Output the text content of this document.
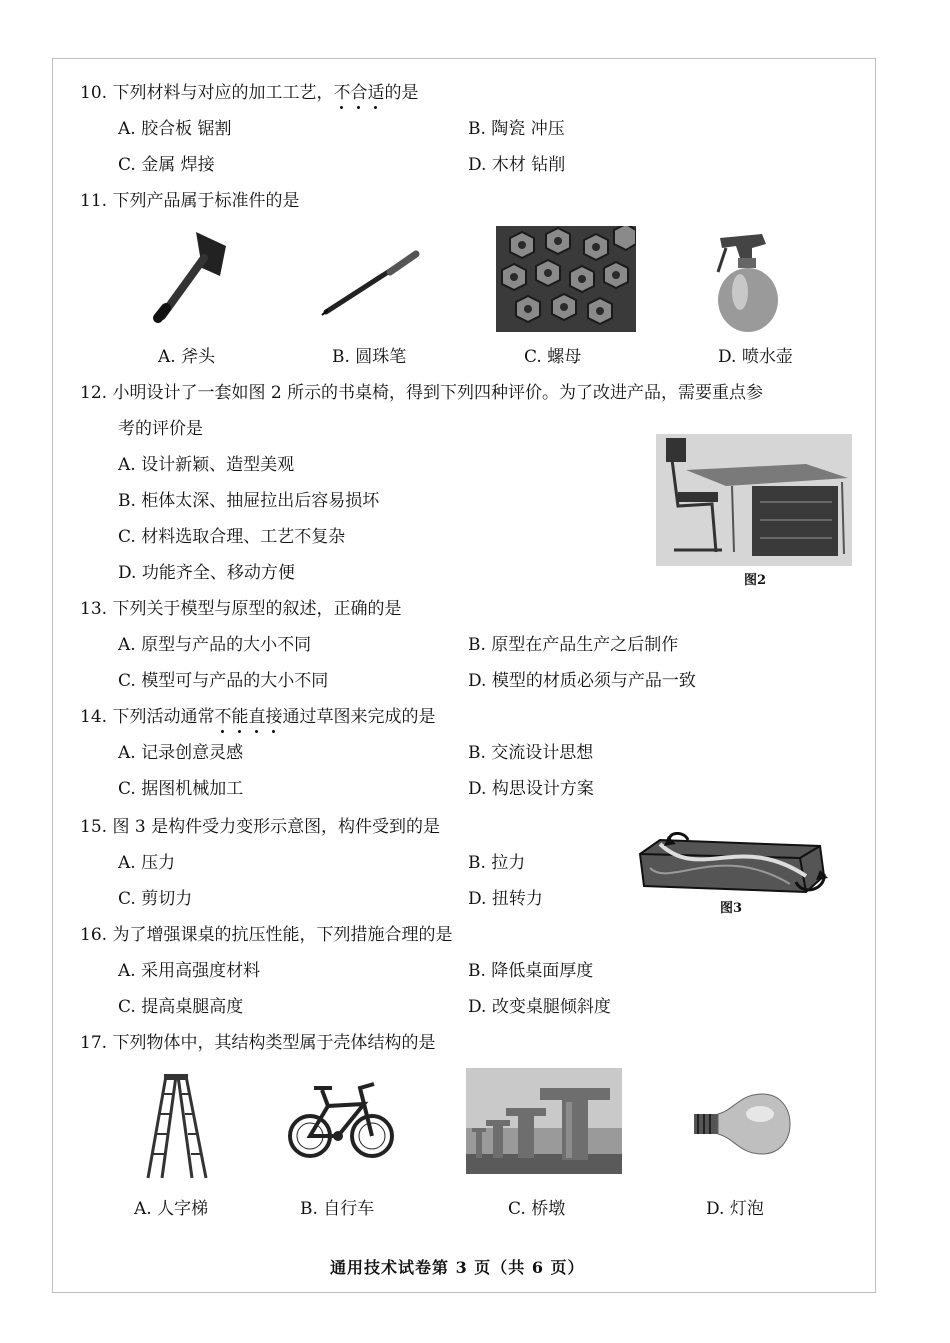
10. 下列材料与对应的加工工艺，不合适
的是
A. 胶合板 锯割	B. 陶瓷 冲压
C. 金属 焊接	D. 木材 钻削
11. 下列产品属于标准件的是
A. 斧头	B. 圆珠笔	C. 螺母	D. 喷水壶
12. 小明设计了一套如图 2 所示的书桌椅，得到下列四种评价。为了改进产品，需要重点参
考的评价是
A. 设计新颖、造型美观
B. 柜体太深、抽屉拉出后容易损坏
C. 材料选取合理、工艺不复杂
D. 功能齐全、移动方便	图2
13. 下列关于模型与原型的叙述，正确的是
A. 原型与产品的大小不同	B. 原型在产品生产之后制作
C. 模型可与产品的大小不同	D. 模型的材质必须与产品一致
14. 下列活动通常不能直接
通过草图来完成的是
A. 记录创意灵感	B. 交流设计思想
C. 据图机械加工	D. 构思设计方案
15. 图 3 是构件受力变形示意图，构件受到的是
A. 压力	B. 拉力
C. 剪切力	D. 扭转力	图3
16. 为了增强课桌的抗压性能，下列措施合理的是
A. 采用高强度材料	B. 降低桌面厚度
C. 提高桌腿高度	D. 改变桌腿倾斜度
17. 下列物体中，其结构类型属于壳体结构的是
A. 人字梯	B. 自行车	C. 桥墩	D. 灯泡
通用技术试卷第 3 页（共 6 页）
